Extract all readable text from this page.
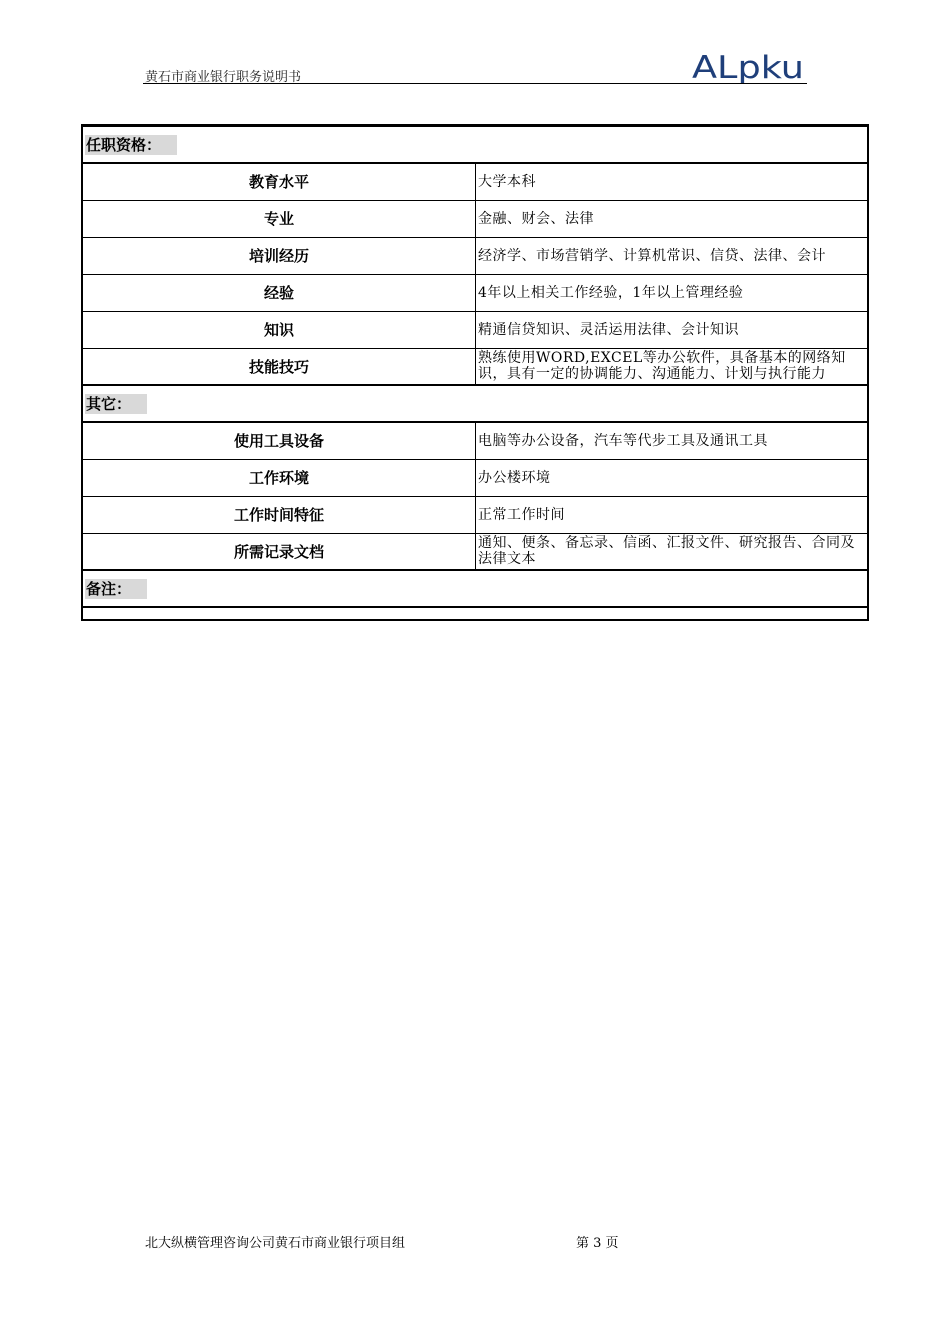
黄石市商业银行职务说明书	ALpku
任职资格：	
教育水平	大学本科
专业	金融、财会、法律
培训经历	经济学、市场营销学、计算机常识、信贷、法律、会计
经验	4年以上相关工作经验，1年以上管理经验
知识	精通信贷知识、灵活运用法律、会计知识
技能技巧	熟练使用WORD,EXCEL等办公软件，具备基本的网络知识，具有一定的协调能力、沟通能力、计划与执行能力
其它：	
使用工具设备	电脑等办公设备，汽车等代步工具及通讯工具
工作环境	办公楼环境
工作时间特征	正常工作时间
所需记录文档	通知、便条、备忘录、信函、汇报文件、研究报告、合同及法律文本
备注：	
北大纵横管理咨询公司黄石市商业银行项目组	第 3 页
